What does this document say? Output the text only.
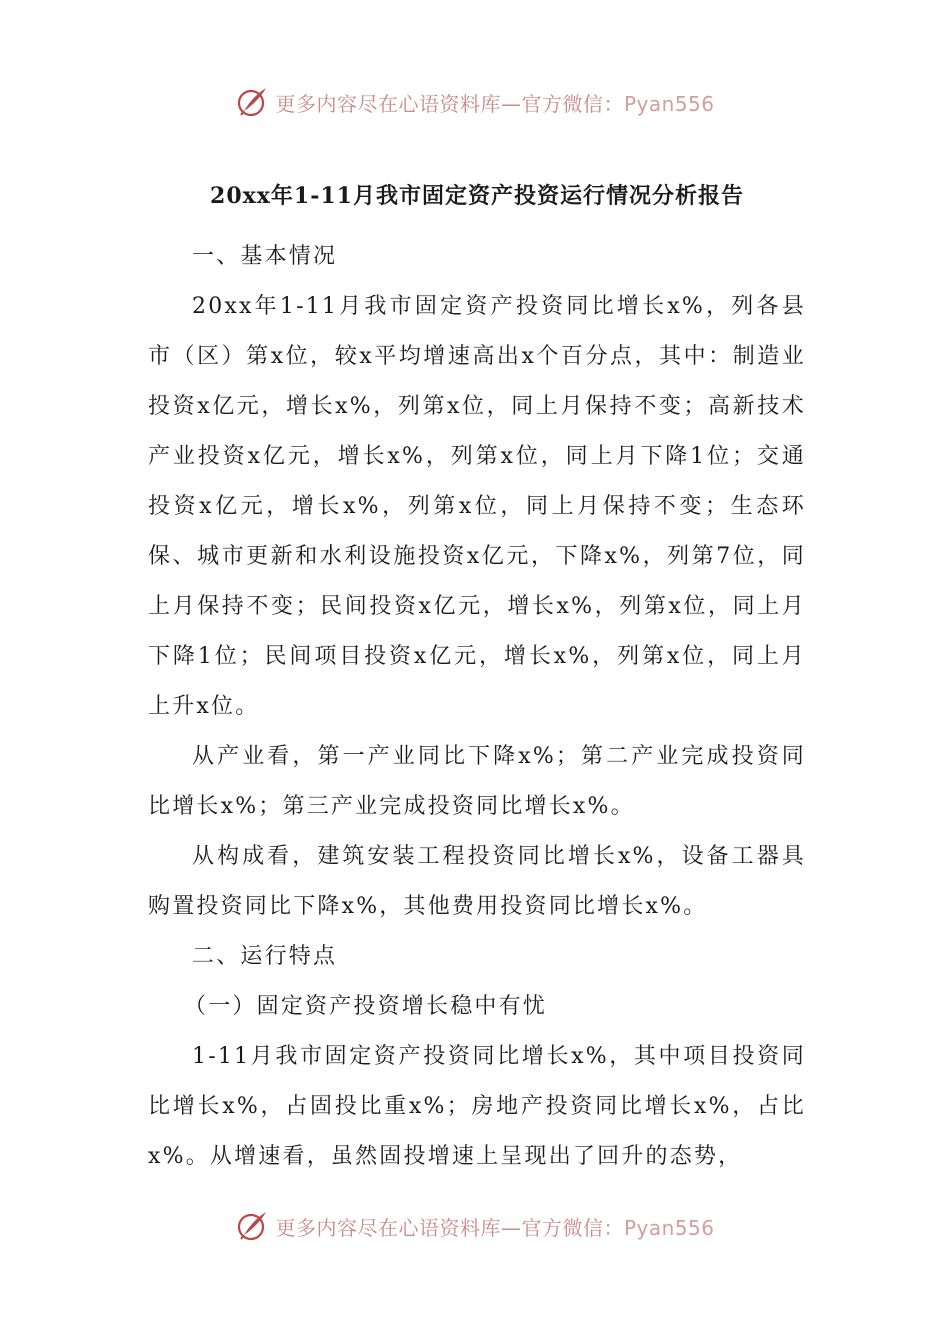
更多内容尽在心语资料库—官方微信：Pyan556
20xx年1-11月我市固定资产投资运行情况分析报告

一、基本情况

20xx年1-11月我市固定资产投资同比增长x%，列各县市（区）第x位，较x平均增速高出x个百分点，其中：制造业投资x亿元，增长x%，列第x位，同上月保持不变；高新技术产业投资x亿元，增长x%，列第x位，同上月下降1位；交通投资x亿元，增长x%，列第x位，同上月保持不变；生态环保、城市更新和水利设施投资x亿元，下降x%，列第7位，同上月保持不变；民间投资x亿元，增长x%，列第x位，同上月下降1位；民间项目投资x亿元，增长x%，列第x位，同上月上升x位。

从产业看，第一产业同比下降x%；第二产业完成投资同比增长x%；第三产业完成投资同比增长x%。

从构成看，建筑安装工程投资同比增长x%，设备工器具购置投资同比下降x%，其他费用投资同比增长x%。

二、运行特点

（一）固定资产投资增长稳中有忧

1-11月我市固定资产投资同比增长x%，其中项目投资同比增长x%，占固投比重x%；房地产投资同比增长x%，占比x%。从增速看，虽然固投增速上呈现出了回升的态势，

更多内容尽在心语资料库—官方微信：Pyan556
